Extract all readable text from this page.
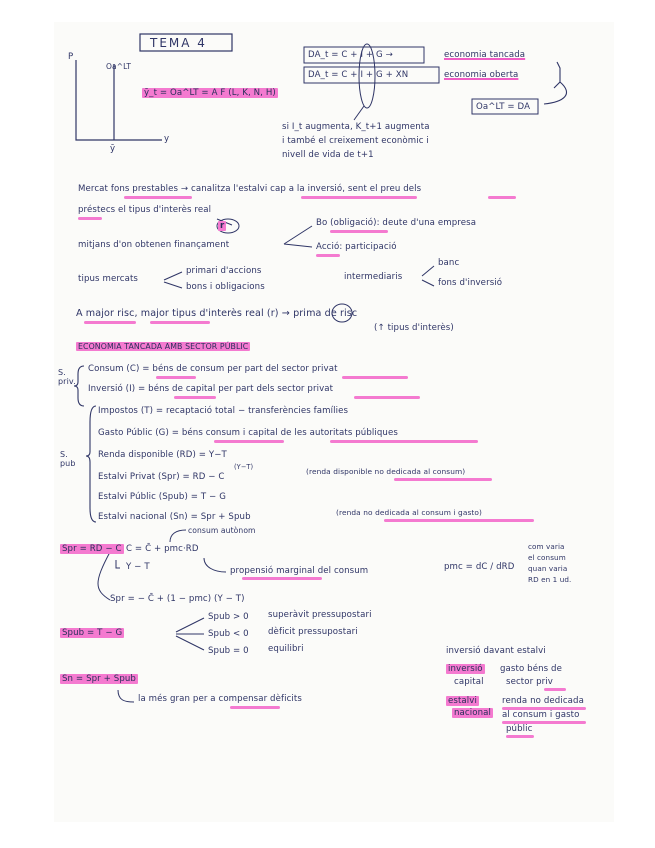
TEMA 4
P
y
ȳ
Oa^LT
ȳ_t = Oa^LT = A F (L, K, N, H)
DA_t = C + I + G →	economia tancada
DA_t = C + I + G + XN	economia oberta
Oa^LT = DA
si I_t augmenta, K_t+1 augmenta
i també el creixement econòmic i
nivell de vida de t+1
Mercat fons prestables → canalitza l'estalvi cap a la inversió, sent el preu dels
préstecs el tipus d'interès real
r	Bo (obligació): deute d'una empresa
mitjans d'on obtenen finançament	Acció: participació
tipus mercats
primari d'accions
bons i obligacions
intermediaris
banc
fons d'inversió
A major risc, major tipus d'interès real (r) → prima de risc
(↑ tipus d'interès)
ECONOMIA TANCADA AMB SECTOR PÚBLIC
S. priv.
Consum (C) = béns de consum per part del sector privat
Inversió (I) = béns de capital per part dels sector privat
S. pub
Impostos (T) = recaptació total − transferències famílies
Gasto Públic (G) = béns consum i capital de les autoritats públiques
Renda disponible (RD) = Y−T
Estalvi Privat (Spr) = RD − C
(Y−T)	(renda disponible no dedicada al consum)
Estalvi Públic (Spub) = T − G
Estalvi nacional (Sn) = Spr + Spub	(renda no dedicada al consum i gasto)
Spr = RD − C
consum autònom
C = C̄ + pmc·RD
Y − T	propensió marginal del consum	pmc = dC / dRD
com varia
el consum
quan varia
RD en 1 ud.
Spr = − C̄ + (1 − pmc) (Y − T)
Spub = T − G
Spub > 0 superàvit pressupostari
Spub < 0 dèficit pressupostari
Spub = 0 equilibri
Sn = Spr + Spub
la més gran per a compensar dèficits
inversió davant estalvi
inversió gasto béns de
capital	sector priv
estalvi
nacional
renda no dedicada
al consum i gasto
públic
